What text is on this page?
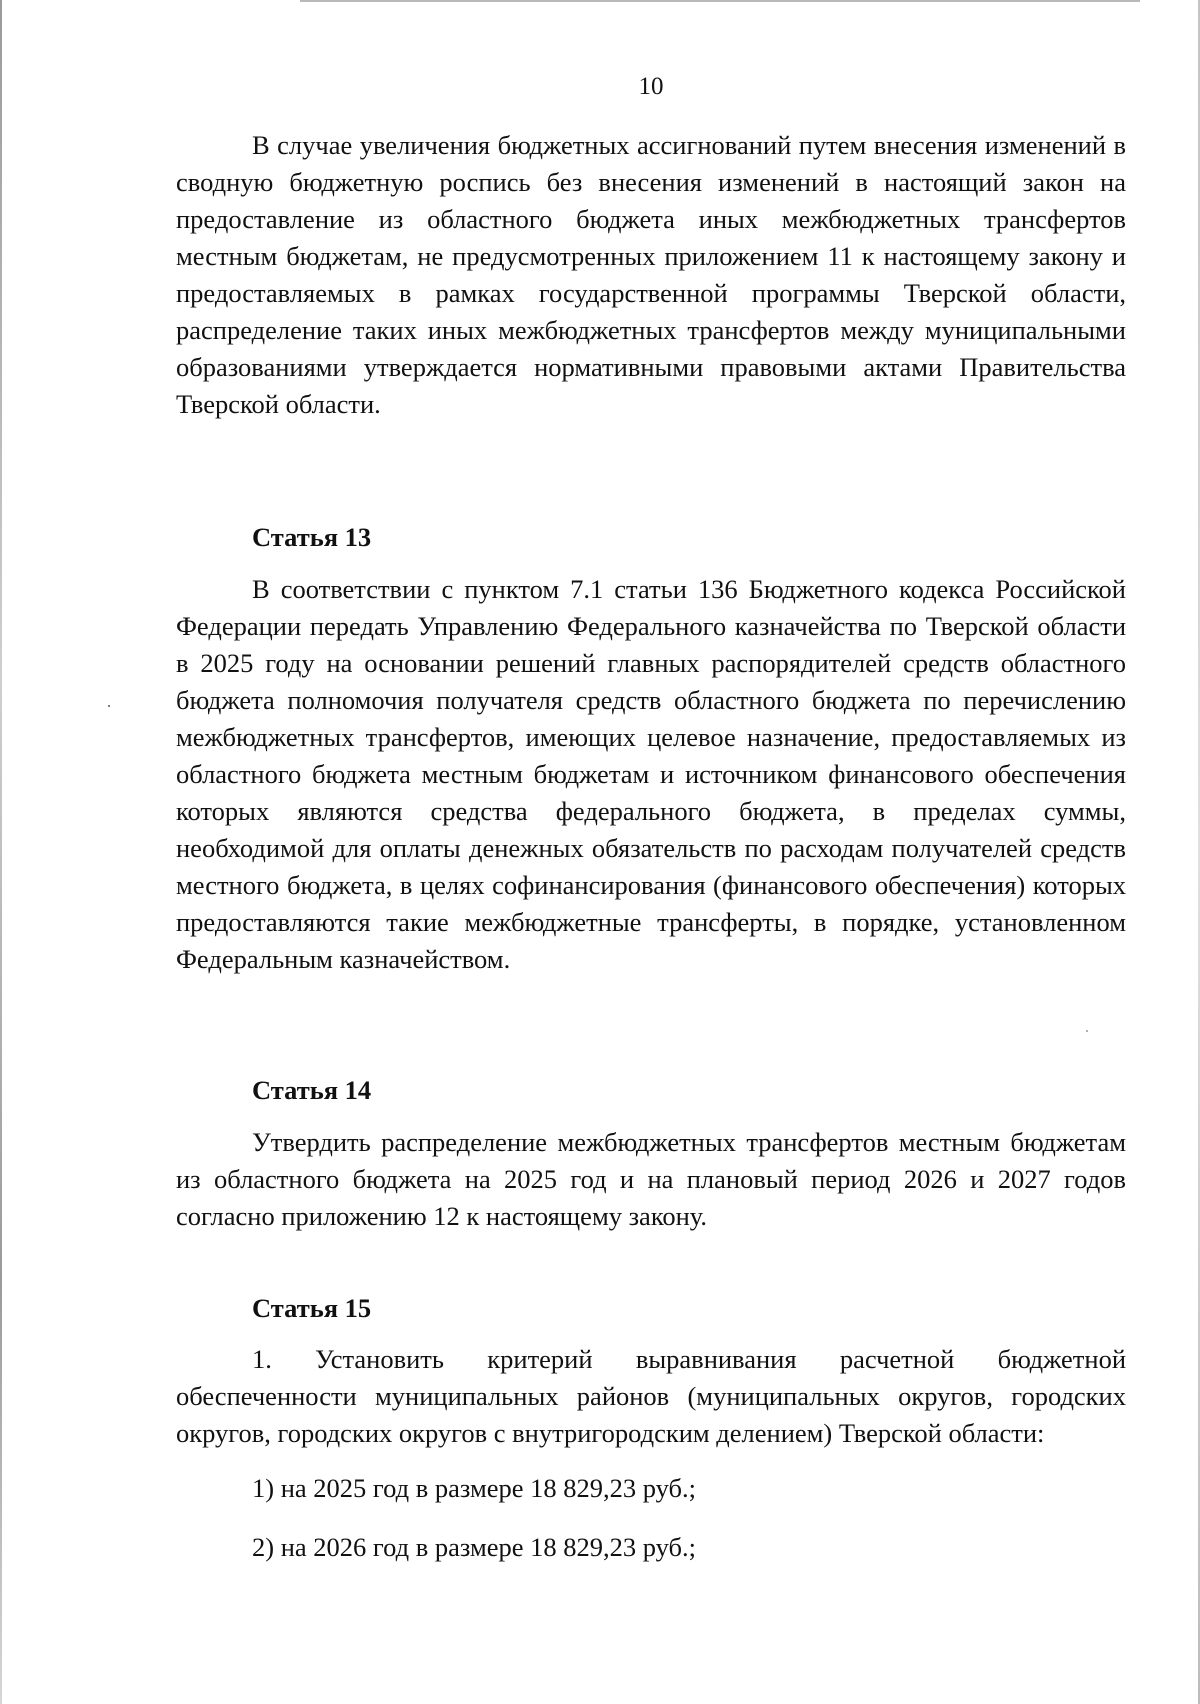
10

В случае увеличения бюджетных ассигнований путем внесения изменений в сводную бюджетную роспись без внесения изменений в настоящий закон на предоставление из областного бюджета иных межбюджетных трансфертов местным бюджетам, не предусмотренных приложением 11 к настоящему закону и предоставляемых в рамках государственной программы Тверской области, распределение таких иных межбюджетных трансфертов между муниципальными образованиями утверждается нормативными правовыми актами Правительства Тверской области.

Статья 13

В соответствии с пунктом 7.1 статьи 136 Бюджетного кодекса Российской Федерации передать Управлению Федерального казначейства по Тверской области в 2025 году на основании решений главных распорядителей средств областного бюджета полномочия получателя средств областного бюджета по перечислению межбюджетных трансфертов, имеющих целевое назначение, предоставляемых из областного бюджета местным бюджетам и источником финансового обеспечения которых являются средства федерального бюджета, в пределах суммы, необходимой для оплаты денежных обязательств по расходам получателей средств местного бюджета, в целях софинансирования (финансового обеспечения) которых предоставляются такие межбюджетные трансферты, в порядке, установленном Федеральным казначейством.

Статья 14

Утвердить распределение межбюджетных трансфертов местным бюджетам из областного бюджета на 2025 год и на плановый период 2026 и 2027 годов согласно приложению 12 к настоящему закону.

Статья 15

1. Установить критерий выравнивания расчетной бюджетной обеспеченности муниципальных районов (муниципальных округов, городских округов, городских округов с внутригородским делением) Тверской области:

1) на 2025 год в размере 18 829,23 руб.;

2) на 2026 год в размере 18 829,23 руб.;
